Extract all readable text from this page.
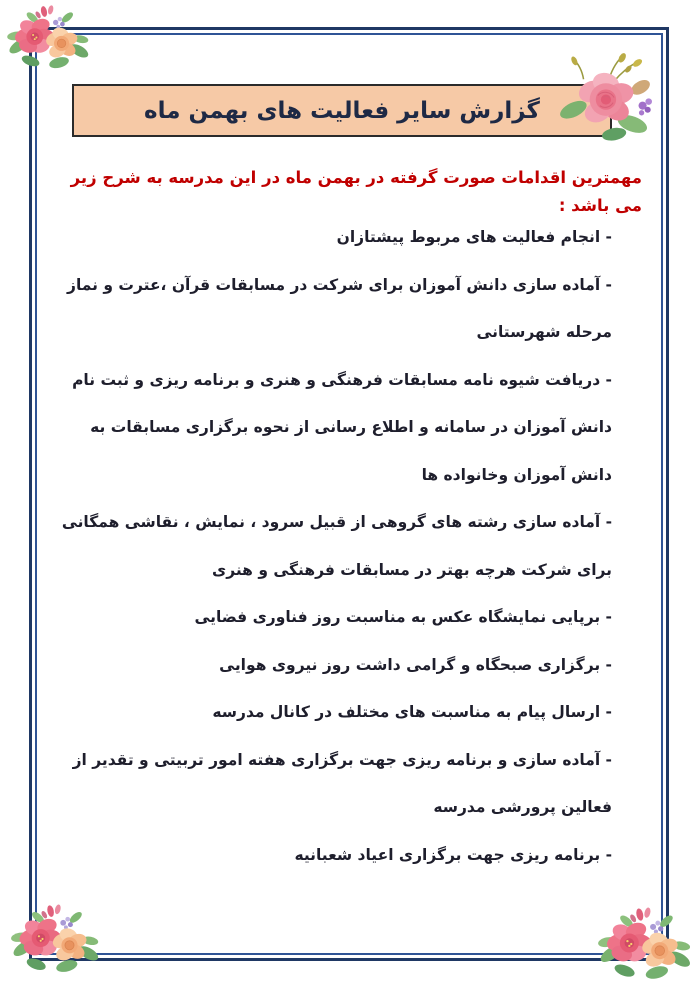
گزارش سایر فعالیت های بهمن ماه
مهمترین اقدامات صورت گرفته در بهمن ماه در این مدرسه به شرح زیر می باشد :

- انجام فعالیت های مربوط پیشتازان

- آماده سازی دانش آموزان برای شرکت در مسابقات قرآن ،عترت و نماز مرحله شهرستانی

- دریافت شیوه نامه مسابقات فرهنگی و هنری و برنامه ریزی و ثبت نام دانش آموزان در سامانه و اطلاع رسانی از نحوه برگزاری مسابقات به دانش آموزان وخانواده ها

- آماده سازی رشته های گروهی از قبیل سرود ، نمایش ، نقاشی همگانی برای شرکت هرچه بهتر در مسابقات فرهنگی و هنری

- برپایی نمایشگاه عکس به مناسبت روز فناوری فضایی

- برگزاری صبحگاه و گرامی داشت روز نیروی هوایی

- ارسال پیام به مناسبت های مختلف در کانال مدرسه

- آماده سازی و برنامه ریزی جهت برگزاری هفته امور تربیتی و تقدیر از فعالین پرورشی مدرسه

- برنامه ریزی جهت برگزاری اعیاد شعبانیه
